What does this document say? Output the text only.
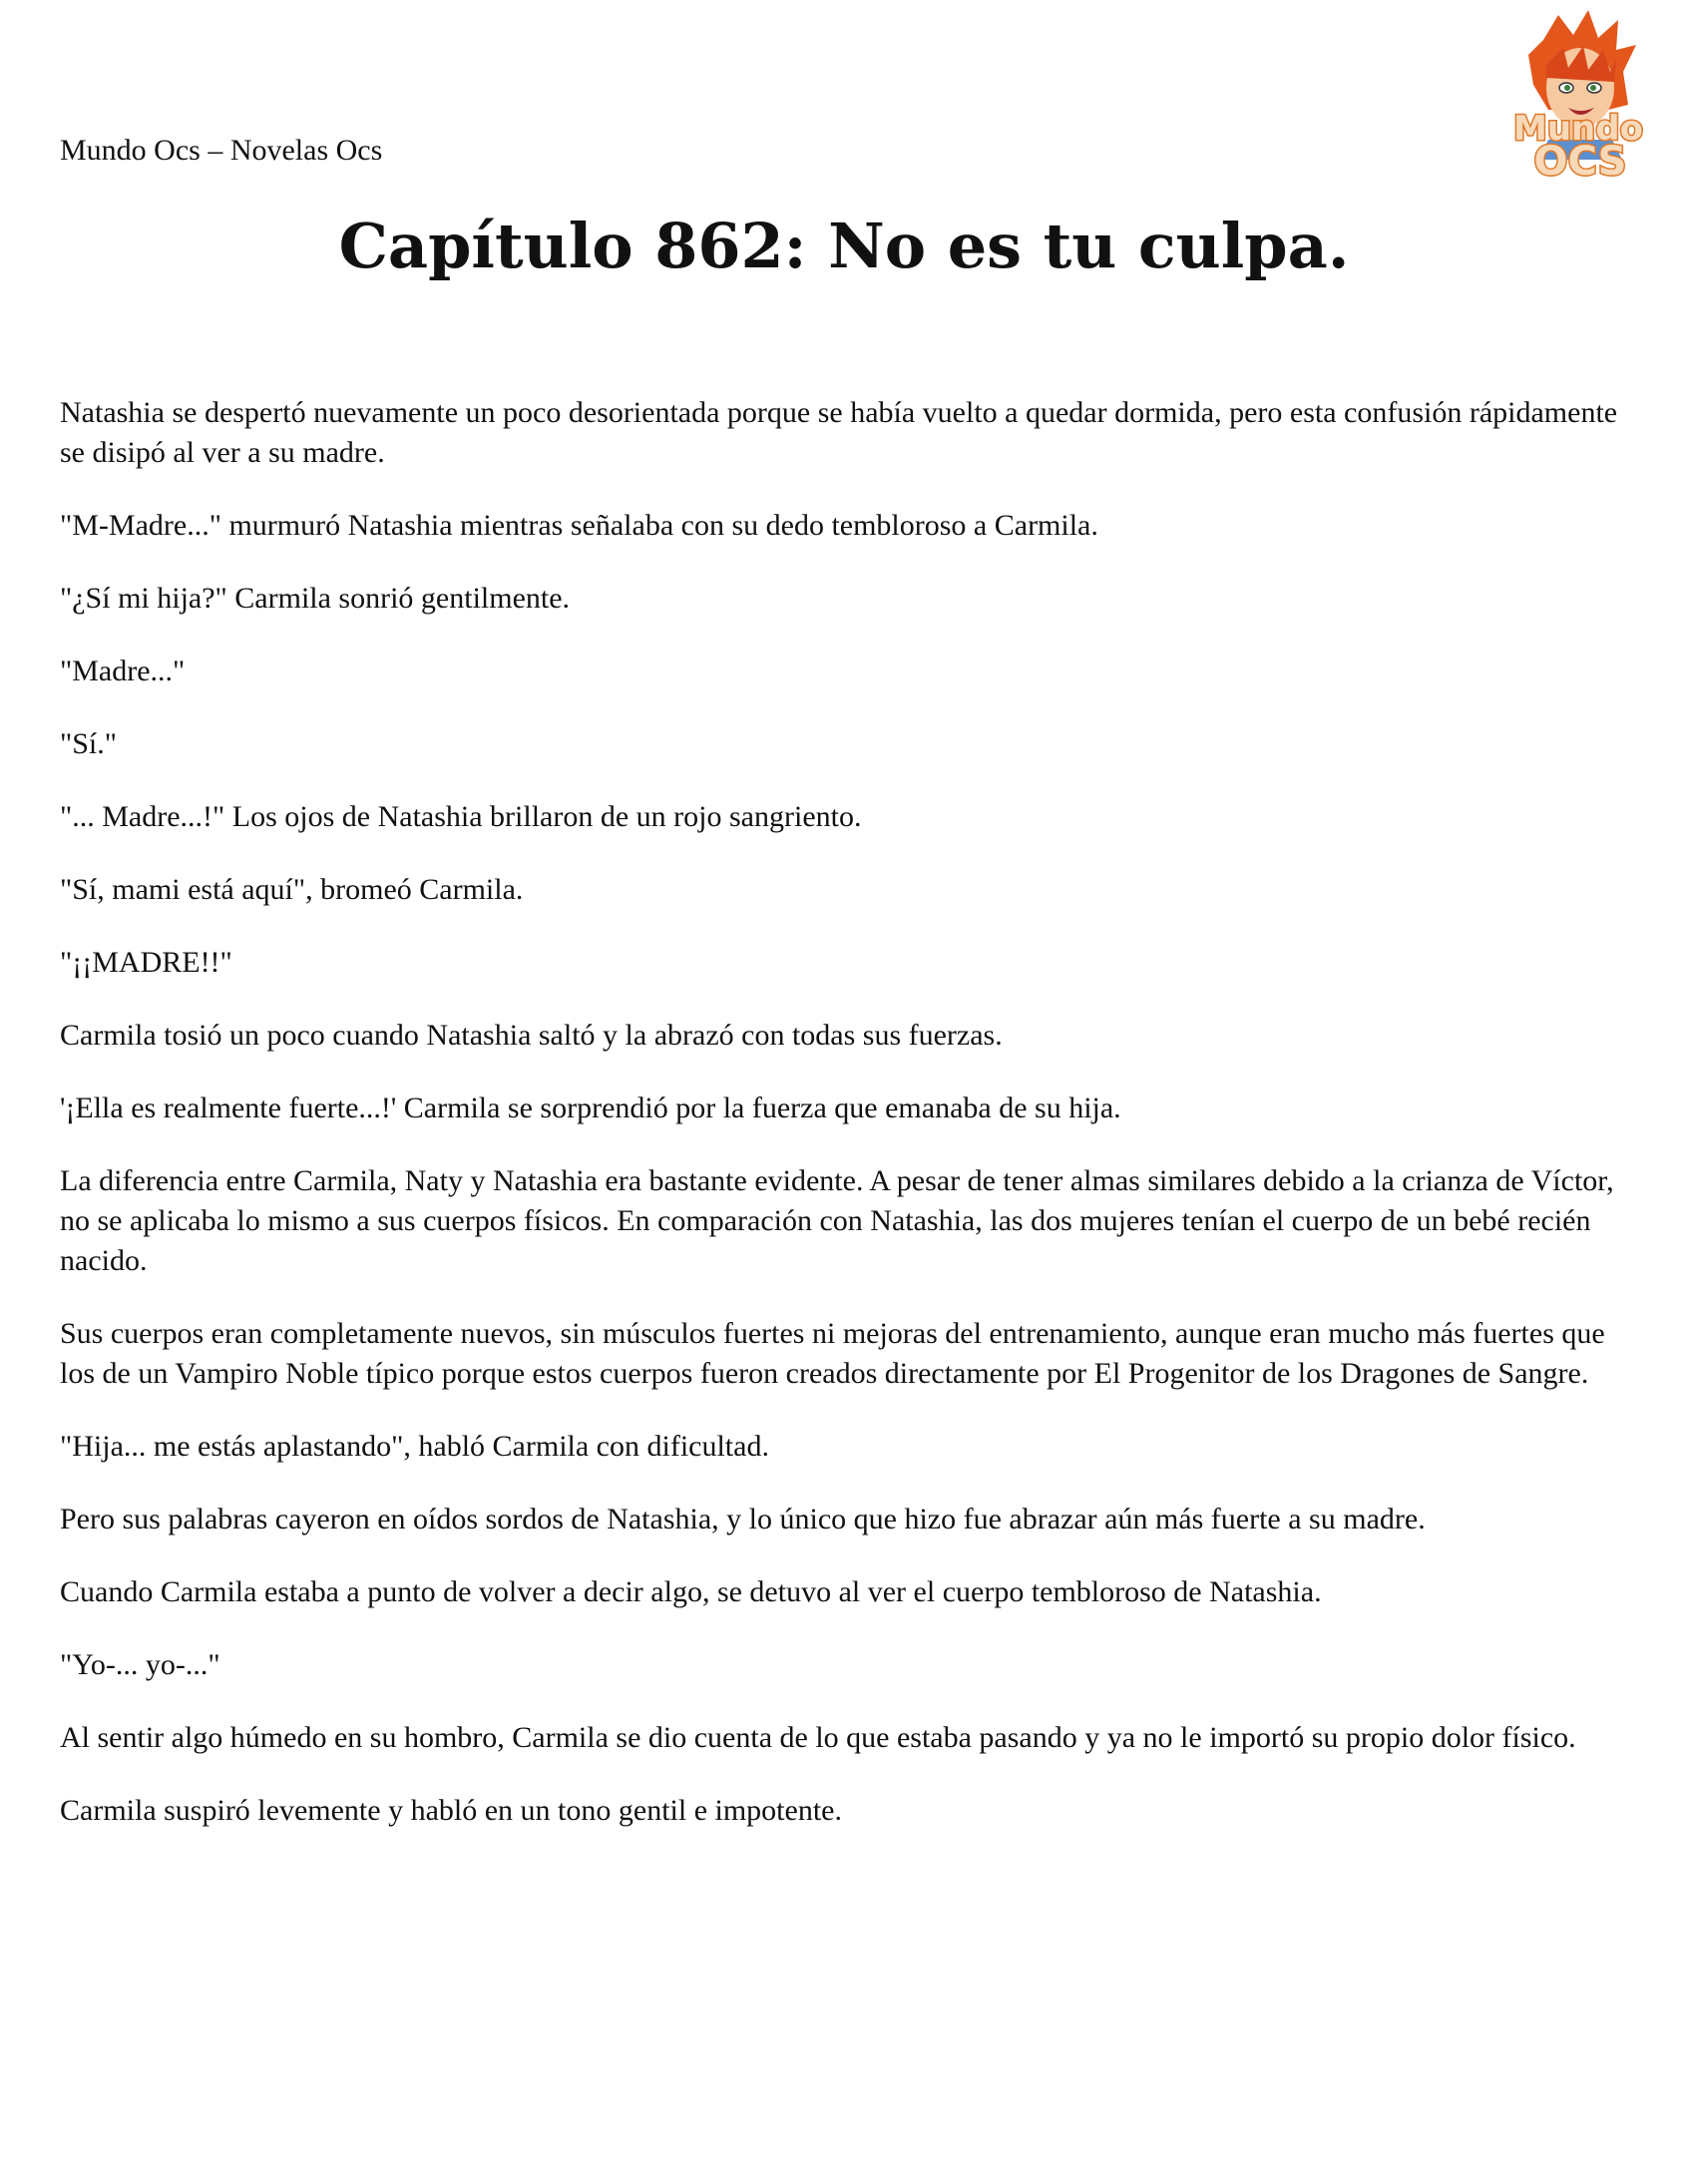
Mundo Ocs – Novelas Ocs
Mundo
OCS
Capítulo 862: No es tu culpa.

Natashia se despertó nuevamente un poco desorientada porque se había vuelto a quedar dormida, pero esta confusión rápidamente se disipó al ver a su madre.

"M-Madre..." murmuró Natashia mientras señalaba con su dedo tembloroso a Carmila.

"¿Sí mi hija?" Carmila sonrió gentilmente.

"Madre..."

"Sí."

"... Madre...!" Los ojos de Natashia brillaron de un rojo sangriento.

"Sí, mami está aquí", bromeó Carmila.

"¡¡MADRE!!"

Carmila tosió un poco cuando Natashia saltó y la abrazó con todas sus fuerzas.

'¡Ella es realmente fuerte...!' Carmila se sorprendió por la fuerza que emanaba de su hija.

La diferencia entre Carmila, Naty y Natashia era bastante evidente. A pesar de tener almas similares debido a la crianza de Víctor, no se aplicaba lo mismo a sus cuerpos físicos. En comparación con Natashia, las dos mujeres tenían el cuerpo de un bebé recién nacido.

Sus cuerpos eran completamente nuevos, sin músculos fuertes ni mejoras del entrenamiento, aunque eran mucho más fuertes que los de un Vampiro Noble típico porque estos cuerpos fueron creados directamente por El Progenitor de los Dragones de Sangre.

"Hija... me estás aplastando", habló Carmila con dificultad.

Pero sus palabras cayeron en oídos sordos de Natashia, y lo único que hizo fue abrazar aún más fuerte a su madre.

Cuando Carmila estaba a punto de volver a decir algo, se detuvo al ver el cuerpo tembloroso de Natashia.

"Yo-... yo-..."

Al sentir algo húmedo en su hombro, Carmila se dio cuenta de lo que estaba pasando y ya no le importó su propio dolor físico.

Carmila suspiró levemente y habló en un tono gentil e impotente.
